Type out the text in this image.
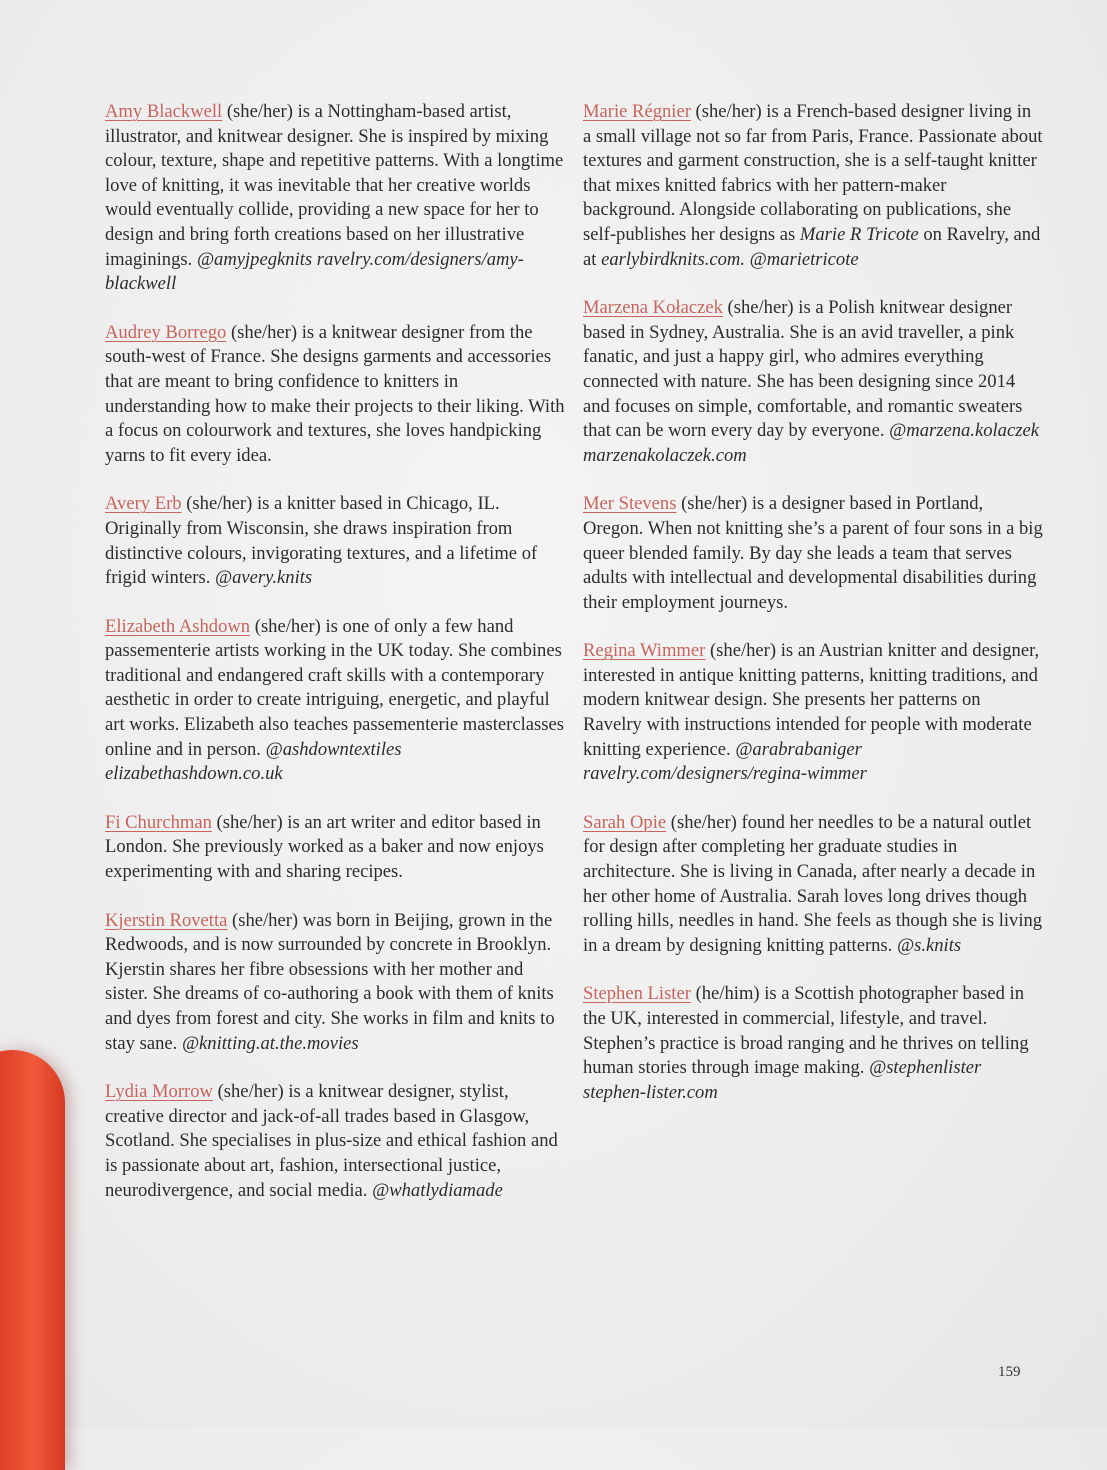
Amy Blackwell (she/her) is a Nottingham-based artist, illustrator, and knitwear designer. She is inspired by mixing colour, texture, shape and repetitive patterns. With a longtime love of knitting, it was inevitable that her creative worlds would eventually collide, providing a new space for her to design and bring forth creations based on her illustrative imaginings. @amyjpegknits ravelry.com/designers/amy-blackwell

Audrey Borrego (she/her) is a knitwear designer from the south-west of France. She designs garments and accessories that are meant to bring confidence to knitters in understanding how to make their projects to their liking. With a focus on colourwork and textures, she loves handpicking yarns to fit every idea.

Avery Erb (she/her) is a knitter based in Chicago, IL. Originally from Wisconsin, she draws inspiration from distinctive colours, invigorating textures, and a lifetime of frigid winters. @avery.knits

Elizabeth Ashdown (she/her) is one of only a few hand passementerie artists working in the UK today. She combines traditional and endangered craft skills with a contemporary aesthetic in order to create intriguing, energetic, and playful art works. Elizabeth also teaches passementerie masterclasses online and in person. @ashdowntextiles elizabethashdown.co.uk

Fi Churchman (she/her) is an art writer and editor based in London. She previously worked as a baker and now enjoys experimenting with and sharing recipes.

Kjerstin Rovetta (she/her) was born in Beijing, grown in the Redwoods, and is now surrounded by concrete in Brooklyn. Kjerstin shares her fibre obsessions with her mother and sister. She dreams of co-authoring a book with them of knits and dyes from forest and city. She works in film and knits to stay sane. @knitting.at.the.movies

Lydia Morrow (she/her) is a knitwear designer, stylist, creative director and jack-of-all trades based in Glasgow, Scotland. She specialises in plus-size and ethical fashion and is passionate about art, fashion, intersectional justice, neurodivergence, and social media. @whatlydiamade

Marie Régnier (she/her) is a French-based designer living in a small village not so far from Paris, France. Passionate about textures and garment construction, she is a self-taught knitter that mixes knitted fabrics with her pattern-maker background. Alongside collaborating on publications, she self-publishes her designs as Marie R Tricote on Ravelry, and at earlybirdknits.com. @marietricote

Marzena Kołaczek (she/her) is a Polish knitwear designer based in Sydney, Australia. She is an avid traveller, a pink fanatic, and just a happy girl, who admires everything connected with nature. She has been designing since 2014 and focuses on simple, comfortable, and romantic sweaters that can be worn every day by everyone. @marzena.kolaczek marzenakolaczek.com

Mer Stevens (she/her) is a designer based in Portland, Oregon. When not knitting she’s a parent of four sons in a big queer blended family. By day she leads a team that serves adults with intellectual and developmental disabilities during their employment journeys.

Regina Wimmer (she/her) is an Austrian knitter and designer, interested in antique knitting patterns, knitting traditions, and modern knitwear design. She presents her patterns on Ravelry with instructions intended for people with moderate knitting experience. @arabrabaniger ravelry.com/designers/regina-wimmer

Sarah Opie (she/her) found her needles to be a natural outlet for design after completing her graduate studies in architecture. She is living in Canada, after nearly a decade in her other home of Australia. Sarah loves long drives though rolling hills, needles in hand. She feels as though she is living in a dream by designing knitting patterns. @s.knits

Stephen Lister (he/him) is a Scottish photographer based in the UK, interested in commercial, lifestyle, and travel. Stephen’s practice is broad ranging and he thrives on telling human stories through image making. @stephenlister stephen-lister.com

159
